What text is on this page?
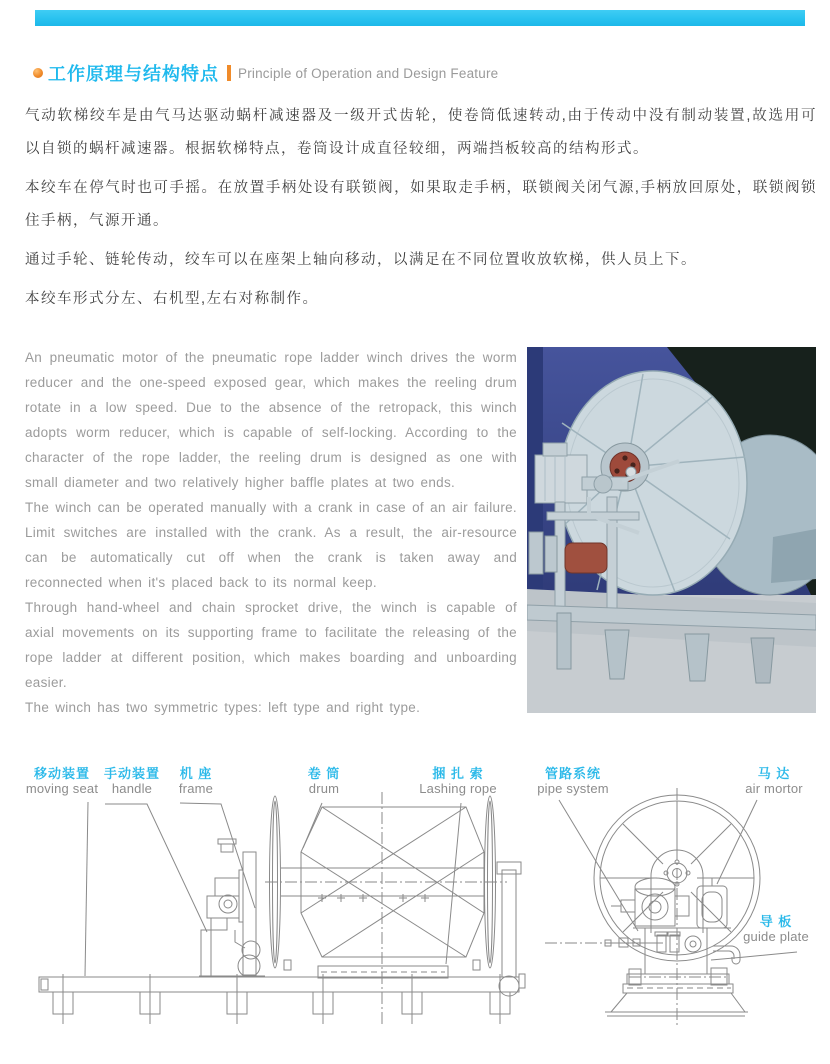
工作原理与结构特点 Principle of Operation and Design Feature

气动软梯绞车是由气马达驱动蜗杆减速器及一级开式齿轮，使卷筒低速转动,由于传动中没有制动装置,故选用可以自锁的蜗杆减速器。根据软梯特点，卷筒设计成直径较细，两端挡板较高的结构形式。

本绞车在停气时也可手摇。在放置手柄处设有联锁阀，如果取走手柄，联锁阀关闭气源,手柄放回原处，联锁阀锁住手柄，气源开通。

通过手轮、链轮传动，绞车可以在座架上轴向移动，以满足在不同位置收放软梯，供人员上下。

本绞车形式分左、右机型,左右对称制作。

An pneumatic motor of the pneumatic rope ladder winch drives the worm reducer and the one-speed exposed gear, which makes the reeling drum rotate in a low speed. Due to the absence of the retropack, this winch adopts worm reducer, which is capable of self-locking. According to the character of the rope ladder, the reeling drum is designed as one with small diameter and two relatively higher baffle plates at two ends.

The winch can be operated manually with a crank in case of an air failure. Limit switches are installed with the crank. As a result, the air-resource can be automatically cut off when the crank is taken away and reconnected when it's placed back to its normal keep.

Through hand-wheel and chain sprocket drive, the winch is capable of axial movements on its supporting frame to facilitate the releasing of the rope ladder at different position, which makes boarding and unboarding easier.

The winch has two symmetric types: left type and right type.

移动装置
moving seat
手动装置
handle
机 座
frame
卷 筒
drum
捆 扎 索
Lashing rope
管路系统
pipe system
马 达
air mortor
导 板
guide plate
